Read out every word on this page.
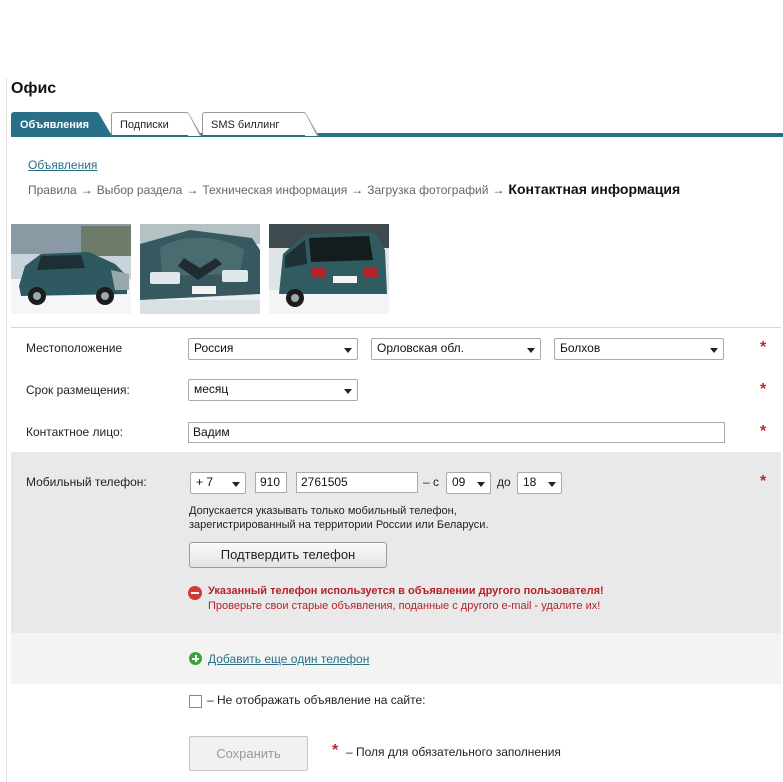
Офис
Объявления	Подписки	SMS биллинг
Объявления
Правила → Выбор раздела → Техническая информация → Загрузка фотографий → Контактная информация
Местоположение	Россия	Орловская обл.	Болхов	*
Срок размещения:	месяц	*
Контактное лицо:	Вадим	*
Мобильный телефон:	+ 7	910	2761505	– с	09	до	18	*
Допускается указывать только мобильный телефон,
зарегистрированный на территории России или Беларуси.
Подтвердить телефон
Указанный телефон используется в объявлении другого пользователя!
Проверьте свои старые объявления, поданные с другого e-mail - удалите их!
Добавить еще один телефон
– Не отображать объявление на сайте:
Сохранить	* – Поля для обязательного заполнения
